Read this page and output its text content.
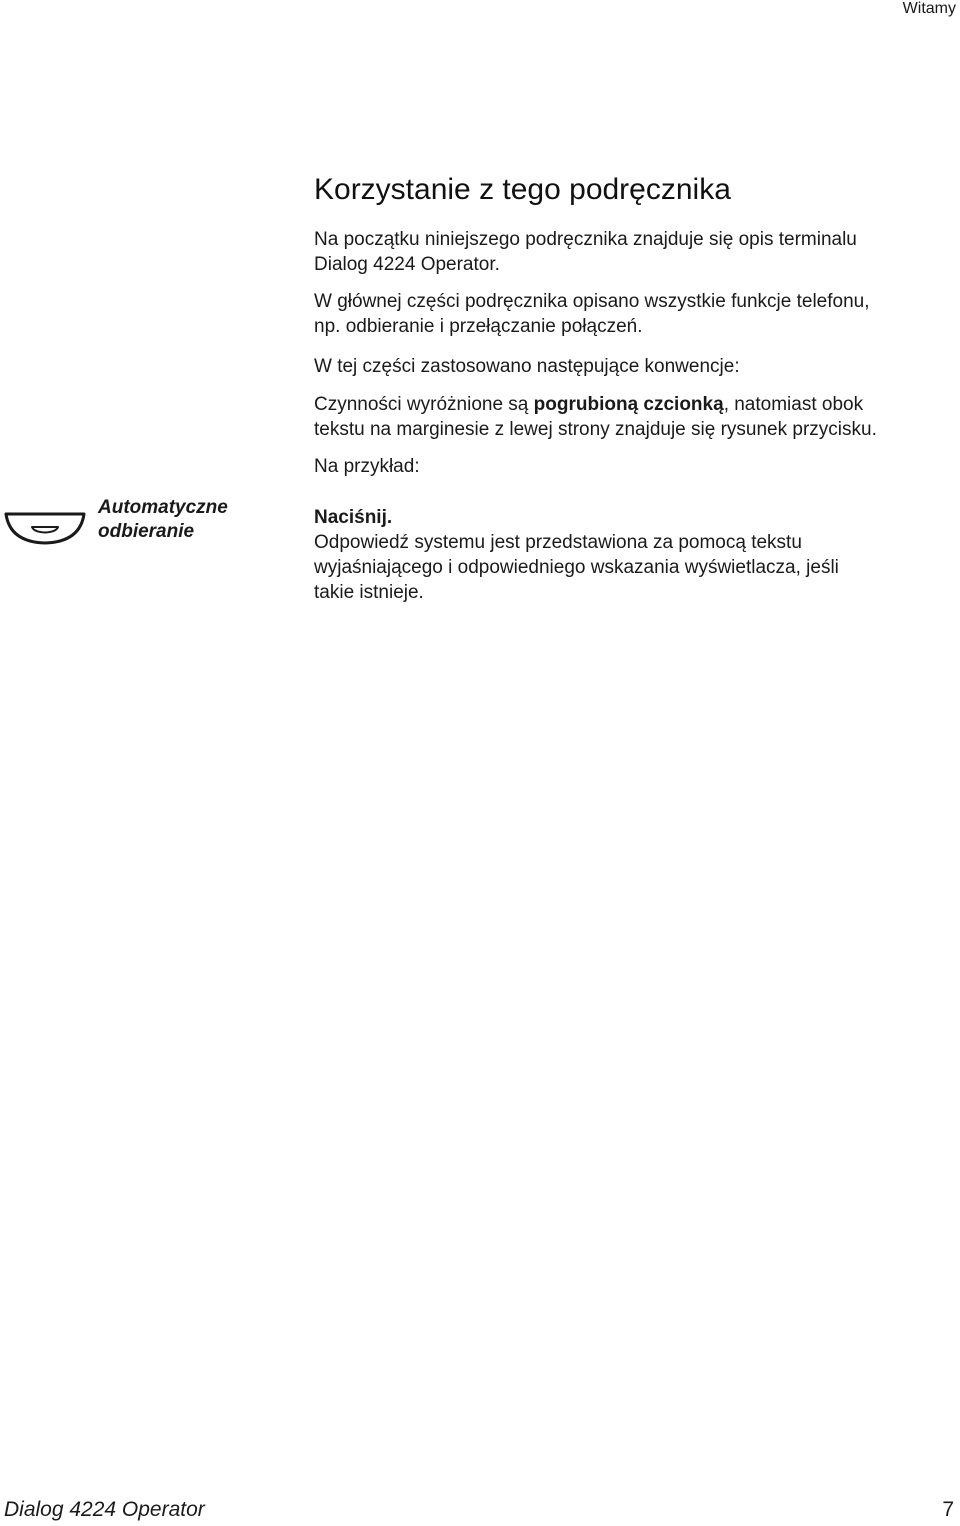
Witamy
Korzystanie z tego podręcznika

Na początku niniejszego podręcznika znajduje się opis terminalu
Dialog 4224 Operator.

W głównej części podręcznika opisano wszystkie funkcje telefonu,
np. odbieranie i przełączanie połączeń.

W tej części zastosowano następujące konwencje:

Czynności wyróżnione są pogrubioną czcionką, natomiast obok
tekstu na marginesie z lewej strony znajduje się rysunek przycisku.

Na przykład:

Automatyczne
odbieranie

Naciśnij.
Odpowiedź systemu jest przedstawiona za pomocą tekstu
wyjaśniającego i odpowiedniego wskazania wyświetlacza, jeśli
takie istnieje.

Dialog 4224 Operator	7
